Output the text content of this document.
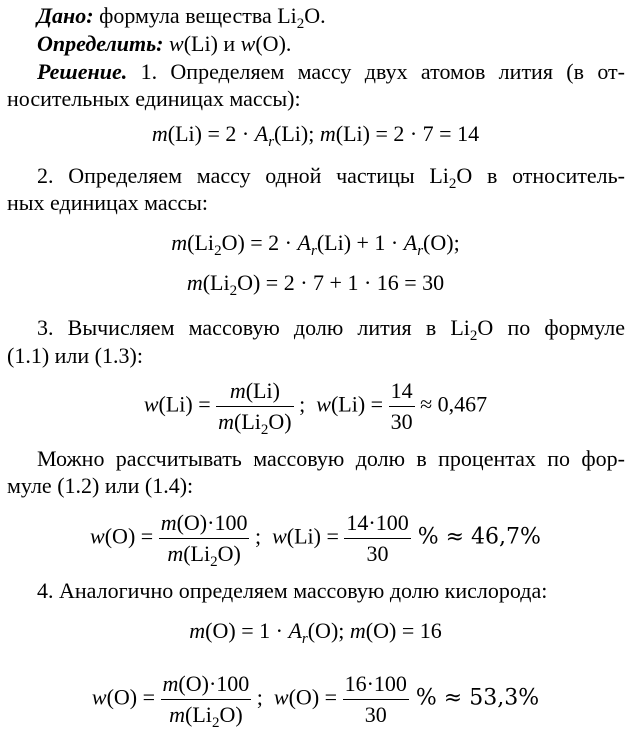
Дано: формула вещества $Li_2O$.
Определить: w(Li) и w(O).
Решение. 1. Определяем массу двух атомов лития (в от-
носительных единицах массы):
$m(Li) = 2 \cdot A_r(Li)$; m(Li) = 2 · 7 = 14
2. Определяем массу одной частицы $Li_2O$ в относитель-
ных единицах массы:
$m(Li_2O) = 2 \cdot A_r(Li) + 1 \cdot A_r(O)$;
$m(Li_2O) = 2 \cdot 7 + 1 \cdot 16 = 30$
3. Вычисляем массовую долю лития в $Li_2O$ по формуле
(1.1) или (1.3):
$w(Li) = \frac{m(Li)}{m(Li_2O)}$ ;  $w(Li) = \frac{14}{30} \approx 0,467$
Можно рассчитывать массовую долю в процентах по фор-
муле (1.2) или (1.4):
$w(O) = \frac{m(O)\cdot 100}{m(Li_2O)}$ ;  $w(Li) = \frac{14\cdot 100}{30}$ % ≈ 46,7%
4. Аналогично определяем массовую долю кислорода:
$m(O) = 1 \cdot A_r(O)$; m(O) = 16
$w(O) = \frac{m(O)\cdot 100}{m(Li_2O)}$ ;  $w(O) = \frac{16\cdot 100}{30}$ % ≈ 53,3%
